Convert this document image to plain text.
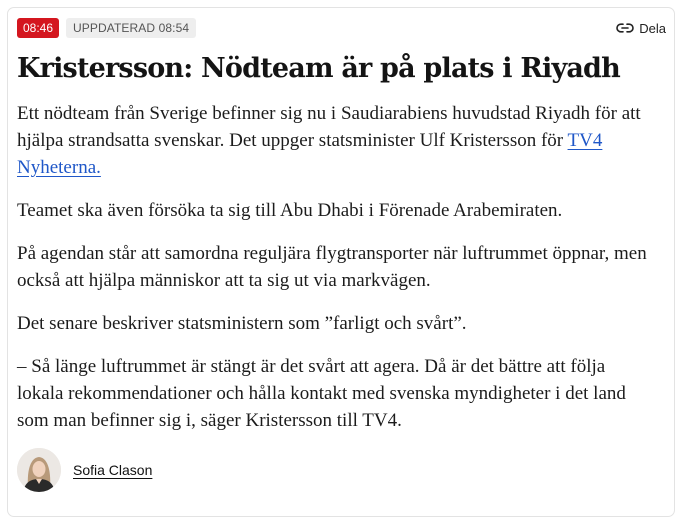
08:46	UPPDATERAD 08:54	Dela
Kristersson: Nödteam är på plats i Riyadh

Ett nödteam från Sverige befinner sig nu i Saudiarabiens huvudstad Riyadh för att hjälpa strandsatta svenskar. Det uppger statsminister Ulf Kristersson för TV4 Nyheterna.

Teamet ska även försöka ta sig till Abu Dhabi i Förenade Arabemiraten.

På agendan står att samordna reguljära flygtransporter när luftrummet öppnar, men också att hjälpa människor att ta sig ut via markvägen.

Det senare beskriver statsministern som ”farligt och svårt”.

– Så länge luftrummet är stängt är det svårt att agera. Då är det bättre att följa lokala rekommendationer och hålla kontakt med svenska myndigheter i det land som man befinner sig i, säger Kristersson till TV4.

Sofia Clason
